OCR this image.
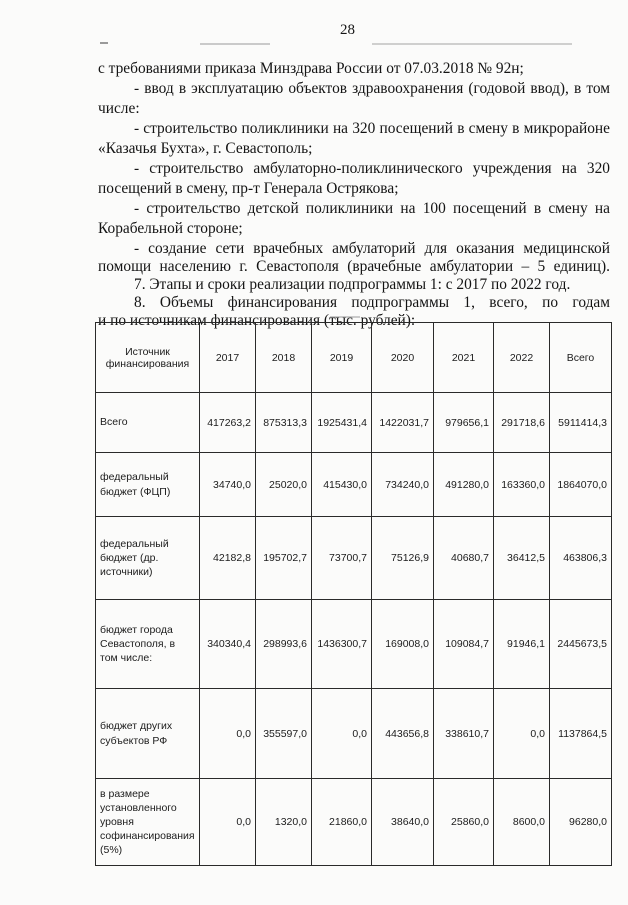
28
с требованиями приказа Минздрава России от 07.03.2018 № 92н;
- ввод в эксплуатацию объектов здравоохранения (годовой ввод), в том
числе:
- строительство поликлиники на 320 посещений в смену в микрорайоне
«Казачья Бухта», г. Севастополь;
- строительство амбулаторно-поликлинического учреждения на 320
посещений в смену, пр-т Генерала Острякова;
- строительство детской поликлиники на 100 посещений в смену на
Корабельной стороне;
- создание сети врачебных амбулаторий для оказания медицинской
помощи населению г. Севастополя (врачебные амбулатории – 5 единиц).
7. Этапы и сроки реализации подпрограммы 1: с 2017 по 2022 год.
8. Объемы финансирования подпрограммы 1, всего, по годам
и по источникам финансирования (тыс. рублей):
Источник финансирования	2017	2018	2019	2020	2021	2022	Всего
Всего	417263,2	875313,3	1925431,4	1422031,7	979656,1	291718,6	5911414,3
федеральный бюджет (ФЦП)	34740,0	25020,0	415430,0	734240,0	491280,0	163360,0	1864070,0
федеральный бюджет (др. источники)	42182,8	195702,7	73700,7	75126,9	40680,7	36412,5	463806,3
бюджет города Севастополя, в том числе:	340340,4	298993,6	1436300,7	169008,0	109084,7	91946,1	2445673,5
бюджет других субъектов РФ	0,0	355597,0	0,0	443656,8	338610,7	0,0	1137864,5
в размере установленного уровня софинансирования (5%)	0,0	1320,0	21860,0	38640,0	25860,0	8600,0	96280,0
